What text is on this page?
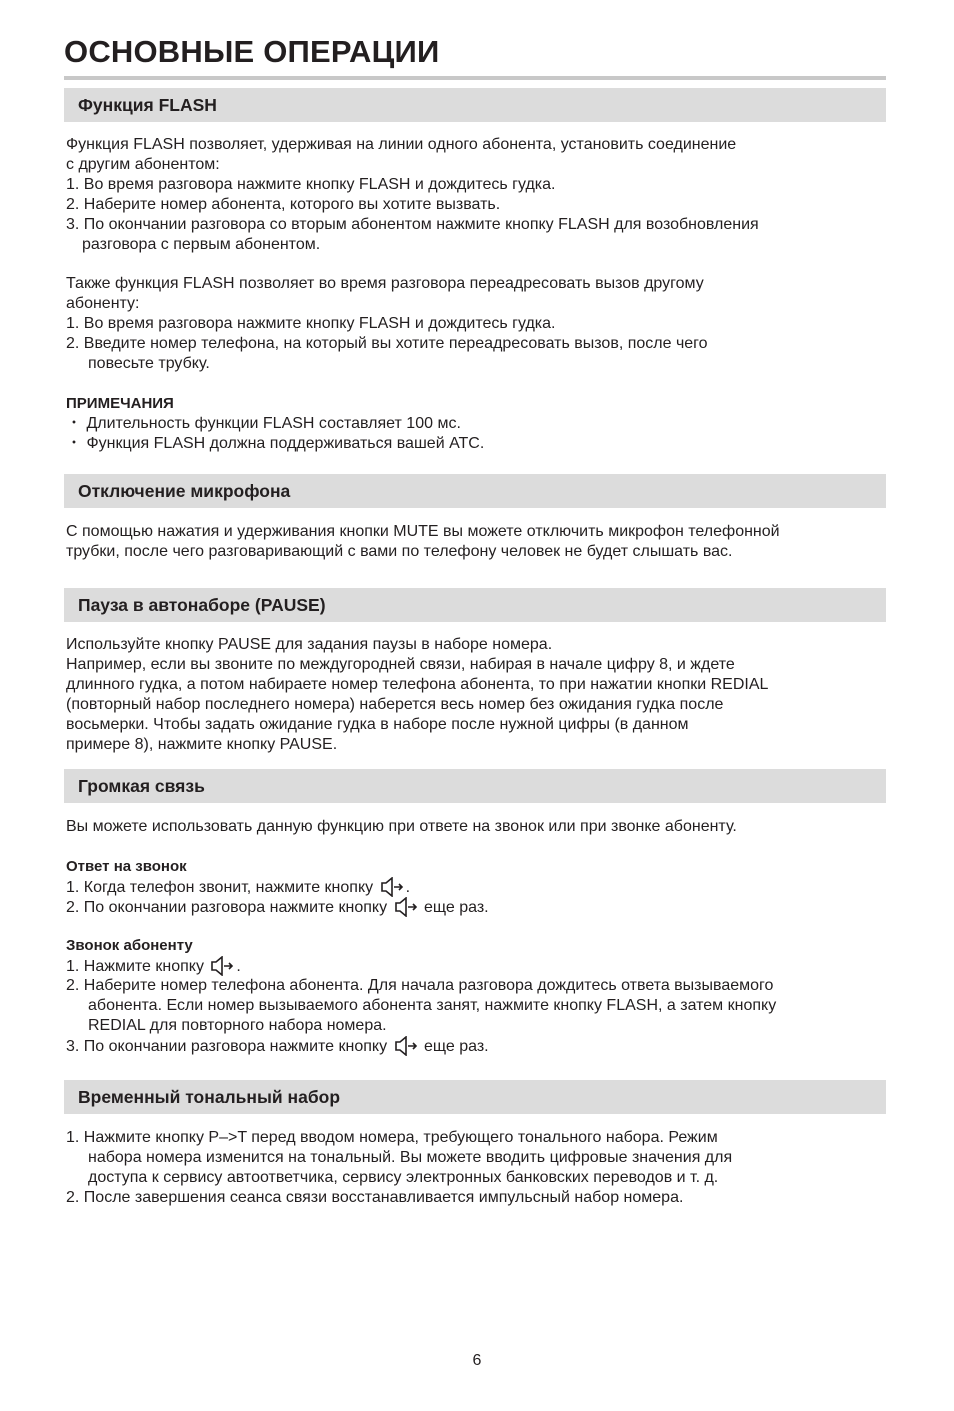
ОСНОВНЫЕ ОПЕРАЦИИ
Функция FLASH
Функция FLASH позволяет, удерживая на линии одного абонента, установить соединение
с другим абонентом:
1. Во время разговора нажмите кнопку FLASH и дождитесь гудка.
2. Наберите номер абонента, которого вы хотите вызвать.
3. По окончании разговора со вторым абонентом нажмите кнопку FLASH для возобновления
разговора с первым абонентом.
Также функция FLASH позволяет во время разговора переадресовать вызов другому
абоненту:
1. Во время разговора нажмите кнопку FLASH и дождитесь гудка.
2. Введите номер телефона, на который вы хотите переадресовать вызов, после чего
повесьте трубку.
ПРИМЕЧАНИЯ
・ Длительность функции FLASH составляет 100 мс.
・ Функция FLASH должна поддерживаться вашей АТС.
Отключение микрофона
С помощью нажатия и удерживания кнопки MUTE вы можете отключить микрофон телефонной
трубки, после чего разговаривающий с вами по телефону человек не будет слышать вас.
Пауза в автонаборе (PAUSE)
Используйте кнопку PAUSE для задания паузы в наборе номера.
Например, если вы звоните по междугородней связи, набирая в начале цифру 8, и ждете
длинного гудка, а потом набираете номер телефона абонента, то при нажатии кнопки REDIAL
(повторный набор последнего номера) наберется весь номер без ожидания гудка после
восьмерки. Чтобы задать ожидание гудка в наборе после нужной цифры (в данном
примере 8), нажмите кнопку PAUSE.
Громкая связь
Вы можете использовать данную функцию при ответе на звонок или при звонке абоненту.
Ответ на звонок
1. Когда телефон звонит, нажмите кнопку .
2. По окончании разговора нажмите кнопку еще раз.
Звонок абоненту
1. Нажмите кнопку .
2. Наберите номер телефона абонента. Для начала разговора дождитесь ответа вызываемого
абонента. Если номер вызываемого абонента занят, нажмите кнопку FLASH, а затем кнопку
REDIAL для повторного набора номера.
3. По окончании разговора нажмите кнопку еще раз.
Временный тональный набор
1. Нажмите кнопку P–>T перед вводом номера, требующего тонального набора. Режим
набора номера изменится на тональный. Вы можете вводить цифровые значения для
доступа к сервису автоответчика, сервису электронных банковских переводов и т. д.
2. После завершения сеанса связи восстанавливается импульсный набор номера.
6
